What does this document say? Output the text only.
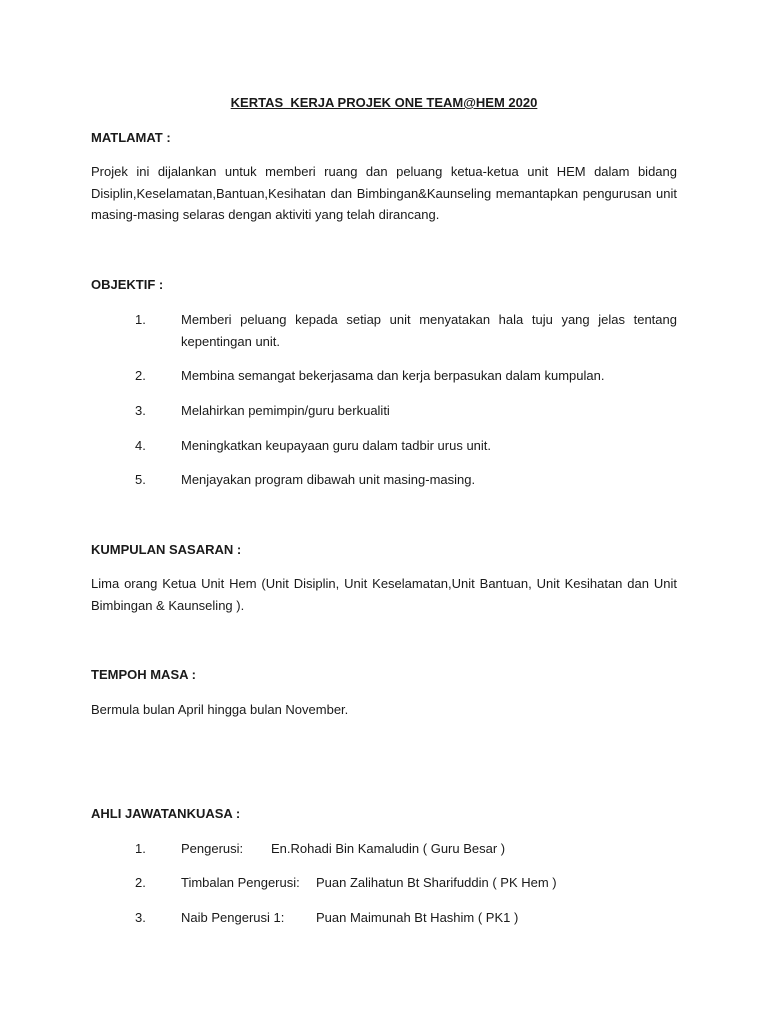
KERTAS  KERJA PROJEK ONE TEAM@HEM 2020
MATLAMAT :
Projek ini dijalankan untuk memberi ruang dan peluang ketua-ketua unit HEM dalam bidang Disiplin,Keselamatan,Bantuan,Kesihatan dan Bimbingan&Kaunseling memantapkan pengurusan unit masing-masing selaras dengan aktiviti yang telah dirancang.
OBJEKTIF :
1.	Memberi peluang kepada setiap unit menyatakan hala tuju yang jelas tentang kepentingan unit.
2.	Membina semangat bekerjasama dan kerja berpasukan dalam kumpulan.
3.	Melahirkan pemimpin/guru berkualiti
4.	Meningkatkan keupayaan guru dalam tadbir urus unit.
5.	Menjayakan program dibawah unit masing-masing.
KUMPULAN SASARAN :
Lima orang Ketua Unit Hem (Unit Disiplin, Unit Keselamatan,Unit Bantuan, Unit Kesihatan dan Unit Bimbingan & Kaunseling ).
TEMPOH MASA :
Bermula bulan April hingga bulan November.
AHLI JAWATANKUASA :
1.	Pengerusi: En.Rohadi Bin Kamaludin ( Guru Besar )
2.	Timbalan Pengerusi: Puan Zalihatun Bt Sharifuddin ( PK Hem )
3.	Naib Pengerusi 1: Puan Maimunah Bt Hashim ( PK1 )
